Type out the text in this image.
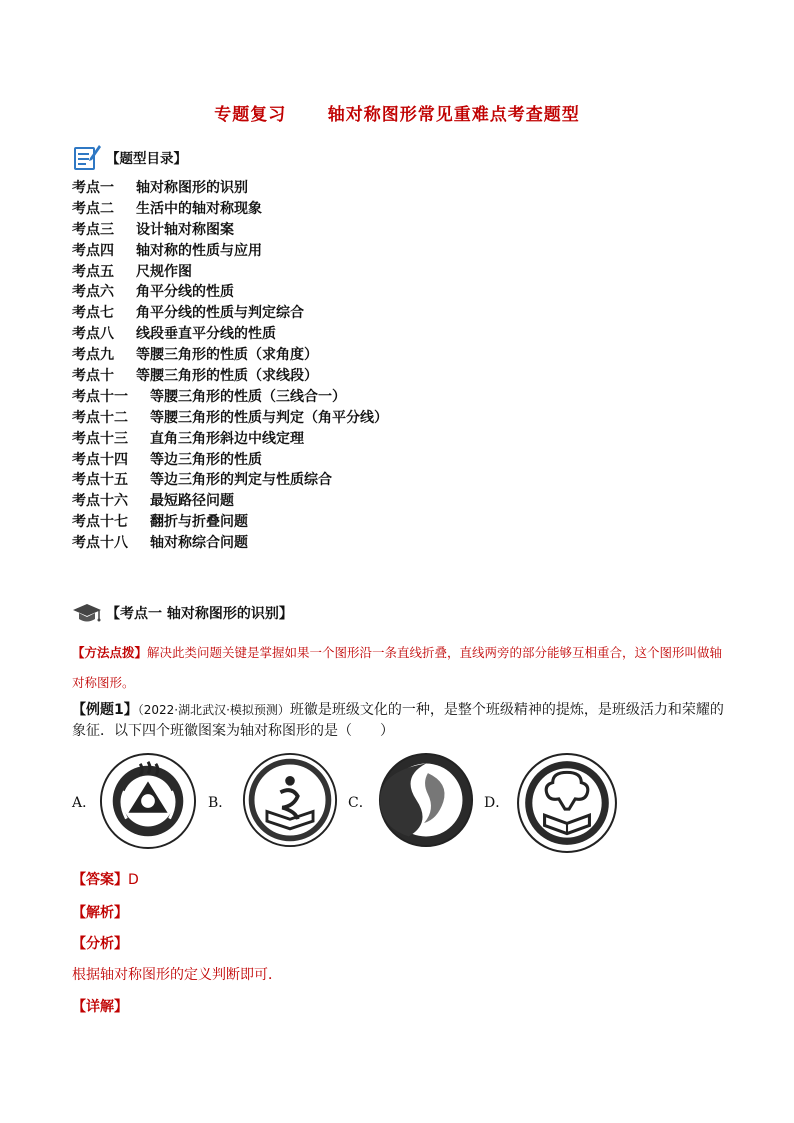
专题复习      轴对称图形常见重难点考查题型
【题型目录】
考点一 轴对称图形的识别
考点二 生活中的轴对称现象
考点三 设计轴对称图案
考点四 轴对称的性质与应用
考点五 尺规作图
考点六 角平分线的性质
考点七 角平分线的性质与判定综合
考点八 线段垂直平分线的性质
考点九 等腰三角形的性质（求角度）
考点十 等腰三角形的性质（求线段）
考点十一 等腰三角形的性质（三线合一）
考点十二 等腰三角形的性质与判定（角平分线）
考点十三 直角三角形斜边中线定理
考点十四 等边三角形的性质
考点十五 等边三角形的判定与性质综合
考点十六 最短路径问题
考点十七 翻折与折叠问题
考点十八 轴对称综合问题
【考点一 轴对称图形的识别】
【方法点拨】解决此类问题关键是掌握如果一个图形沿一条直线折叠，直线两旁的部分能够互相重合，这个图形叫做轴对称图形。
【例题1】（2022·湖北武汉·模拟预测）班徽是班级文化的一种，是整个班级精神的提炼，是班级活力和荣耀的象征．以下四个班徽图案为轴对称图形的是（　　）
A．	B．	C．	D．
【答案】D
【解析】
【分析】
根据轴对称图形的定义判断即可．
【详解】
